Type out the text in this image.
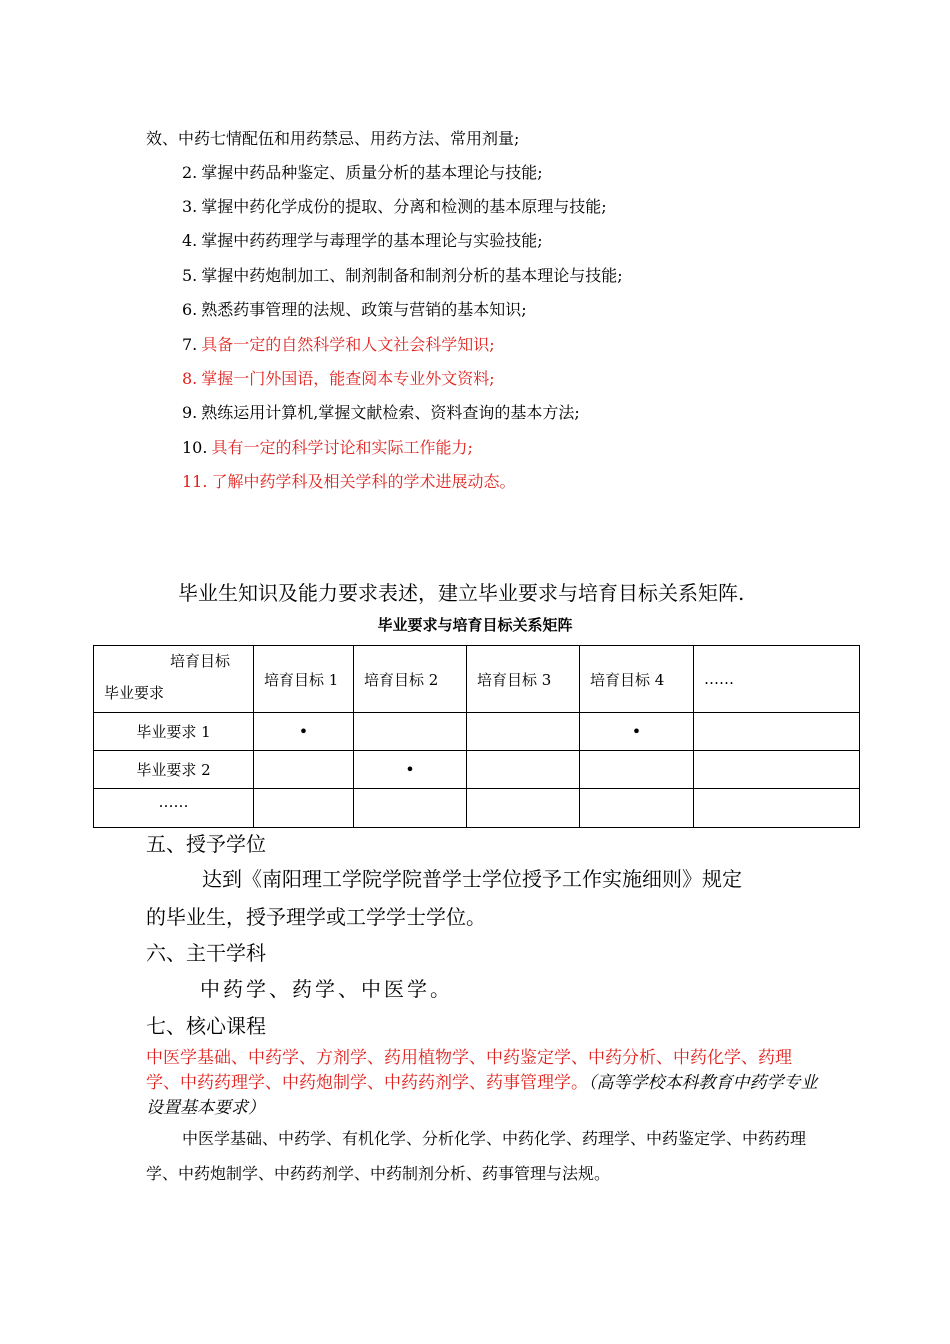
效、中药七情配伍和用药禁忌、用药方法、常用剂量;
2. 掌握中药品种鉴定、质量分析的基本理论与技能;
3. 掌握中药化学成份的提取、分离和检测的基本原理与技能;
4. 掌握中药药理学与毒理学的基本理论与实验技能;
5. 掌握中药炮制加工、制剂制备和制剂分析的基本理论与技能;
6. 熟悉药事管理的法规、政策与营销的基本知识;
7. 具备一定的自然科学和人文社会科学知识;
8. 掌握一门外国语，能查阅本专业外文资料;
9. 熟练运用计算机,掌握文献检索、资料查询的基本方法;
10. 具有一定的科学讨论和实际工作能力;
11. 了解中药学科及相关学科的学术进展动态。
毕业生知识及能力要求表述，建立毕业要求与培育目标关系矩阵.
毕业要求与培育目标关系矩阵
培育目标
毕业要求	培育目标 1	培育目标 2	培育目标 3	培育目标 4	……
毕业要求 1	•			•	
毕业要求 2		•			
……					
五、授予学位
达到《南阳理工学院学院普学士学位授予工作实施细则》规定
的毕业生，授予理学或工学学士学位。
六、主干学科
中药学、药学、中医学。
七、核心课程
中医学基础、中药学、方剂学、药用植物学、中药鉴定学、中药分析、中药化学、药理学、中药药理学、中药炮制学、中药药剂学、药事管理学。（高等学校本科教育中药学专业设置基本要求）
中医学基础、中药学、有机化学、分析化学、中药化学、药理学、中药鉴定学、中药药理学、中药炮制学、中药药剂学、中药制剂分析、药事管理与法规。
